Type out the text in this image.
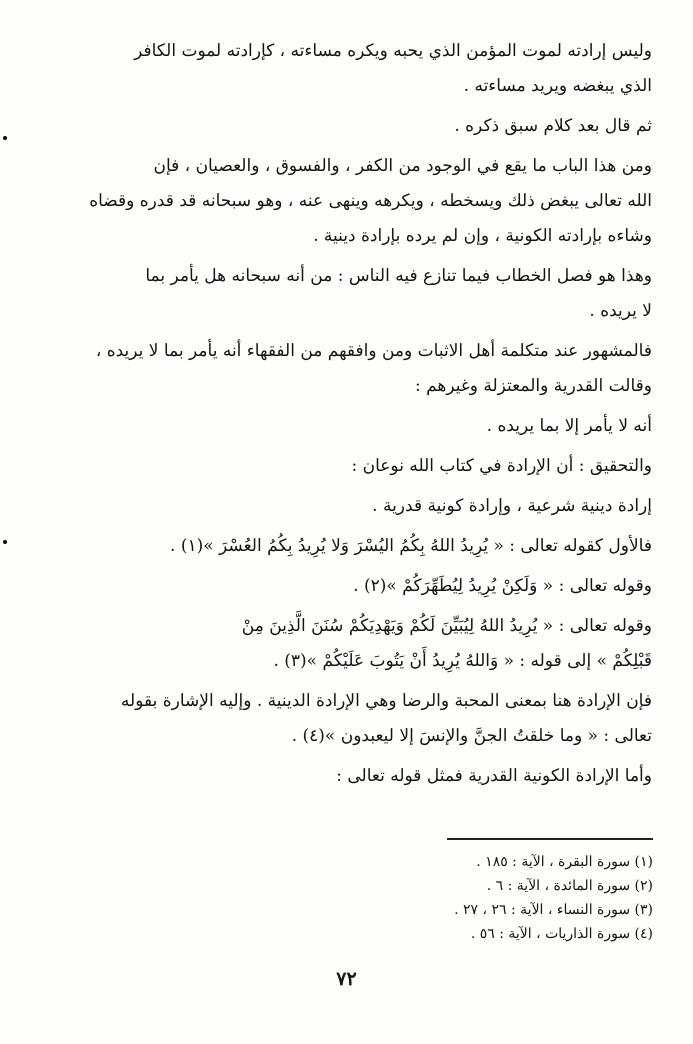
وليس إرادته لموت المؤمن الذي يحبه ويكره مساءته ، كإرادته لموت الكافر
الذي يبغضه ويريد مساءته .
ثم قال بعد كلام سبق ذكره .
ومن هذا الباب ما يقع في الوجود من الكفر ، والفسوق ، والعصيان ، فإن
الله تعالى يبغض ذلك ويسخطه ، ويكرهه وينهى عنه ، وهو سبحانه قد قدره وقضاه
وشاءه بإرادته الكونية ، وإن لم يرده بإرادة دينية .
وهذا هو فصل الخطاب فيما تنازع فيه الناس : من أنه سبحانه هل يأمر بما
لا يريده .
فالمشهور عند متكلمة أهل الاثبات ومن وافقهم من الفقهاء أنه يأمر بما لا يريده ،
وقالت القدرية والمعتزلة وغيرهم :
أنه لا يأمر إلا بما يريده .
والتحقيق : أن الإرادة في كتاب الله نوعان :
إرادة دينية شرعية ، وإرادة كونية قدرية .
فالأول كقوله تعالى : « يُرِيدُ اللهُ بِكُمُ اليُسْرَ وَلا يُرِيدُ بِكُمُ العُسْرَ »(١) .
وقوله تعالى : « وَلَكِنْ يُرِيدُ لِيُطَهِّرَكُمْ »(٢) .
وقوله تعالى : « يُرِيدُ اللهُ لِيُبَيِّنَ لَكُمْ وَيَهْدِيَكُمْ سُنَنَ الَّذِينَ مِنْ
قَبْلِكُمْ » إلى قوله : « وَاللهُ يُرِيدُ أَنْ يَتُوبَ عَلَيْكُمْ »(٣) .
فإن الإرادة هنا بمعنى المحبة والرضا وهي الإرادة الدينية . وإليه الإشارة بقوله
تعالى : « وما خلقتُ الجنَّ والإنسَ إلا ليعبدون »(٤) .
وأما الإرادة الكونية القدرية فمثل قوله تعالى :
(١) سورة البقرة ، الآية : ١٨٥ .
(٢) سورة المائدة ، الآية : ٦ .
(٣) سورة النساء ، الآية : ٢٦ ، ٢٧ .
(٤) سورة الذاريات ، الآية : ٥٦ .
٧٢
